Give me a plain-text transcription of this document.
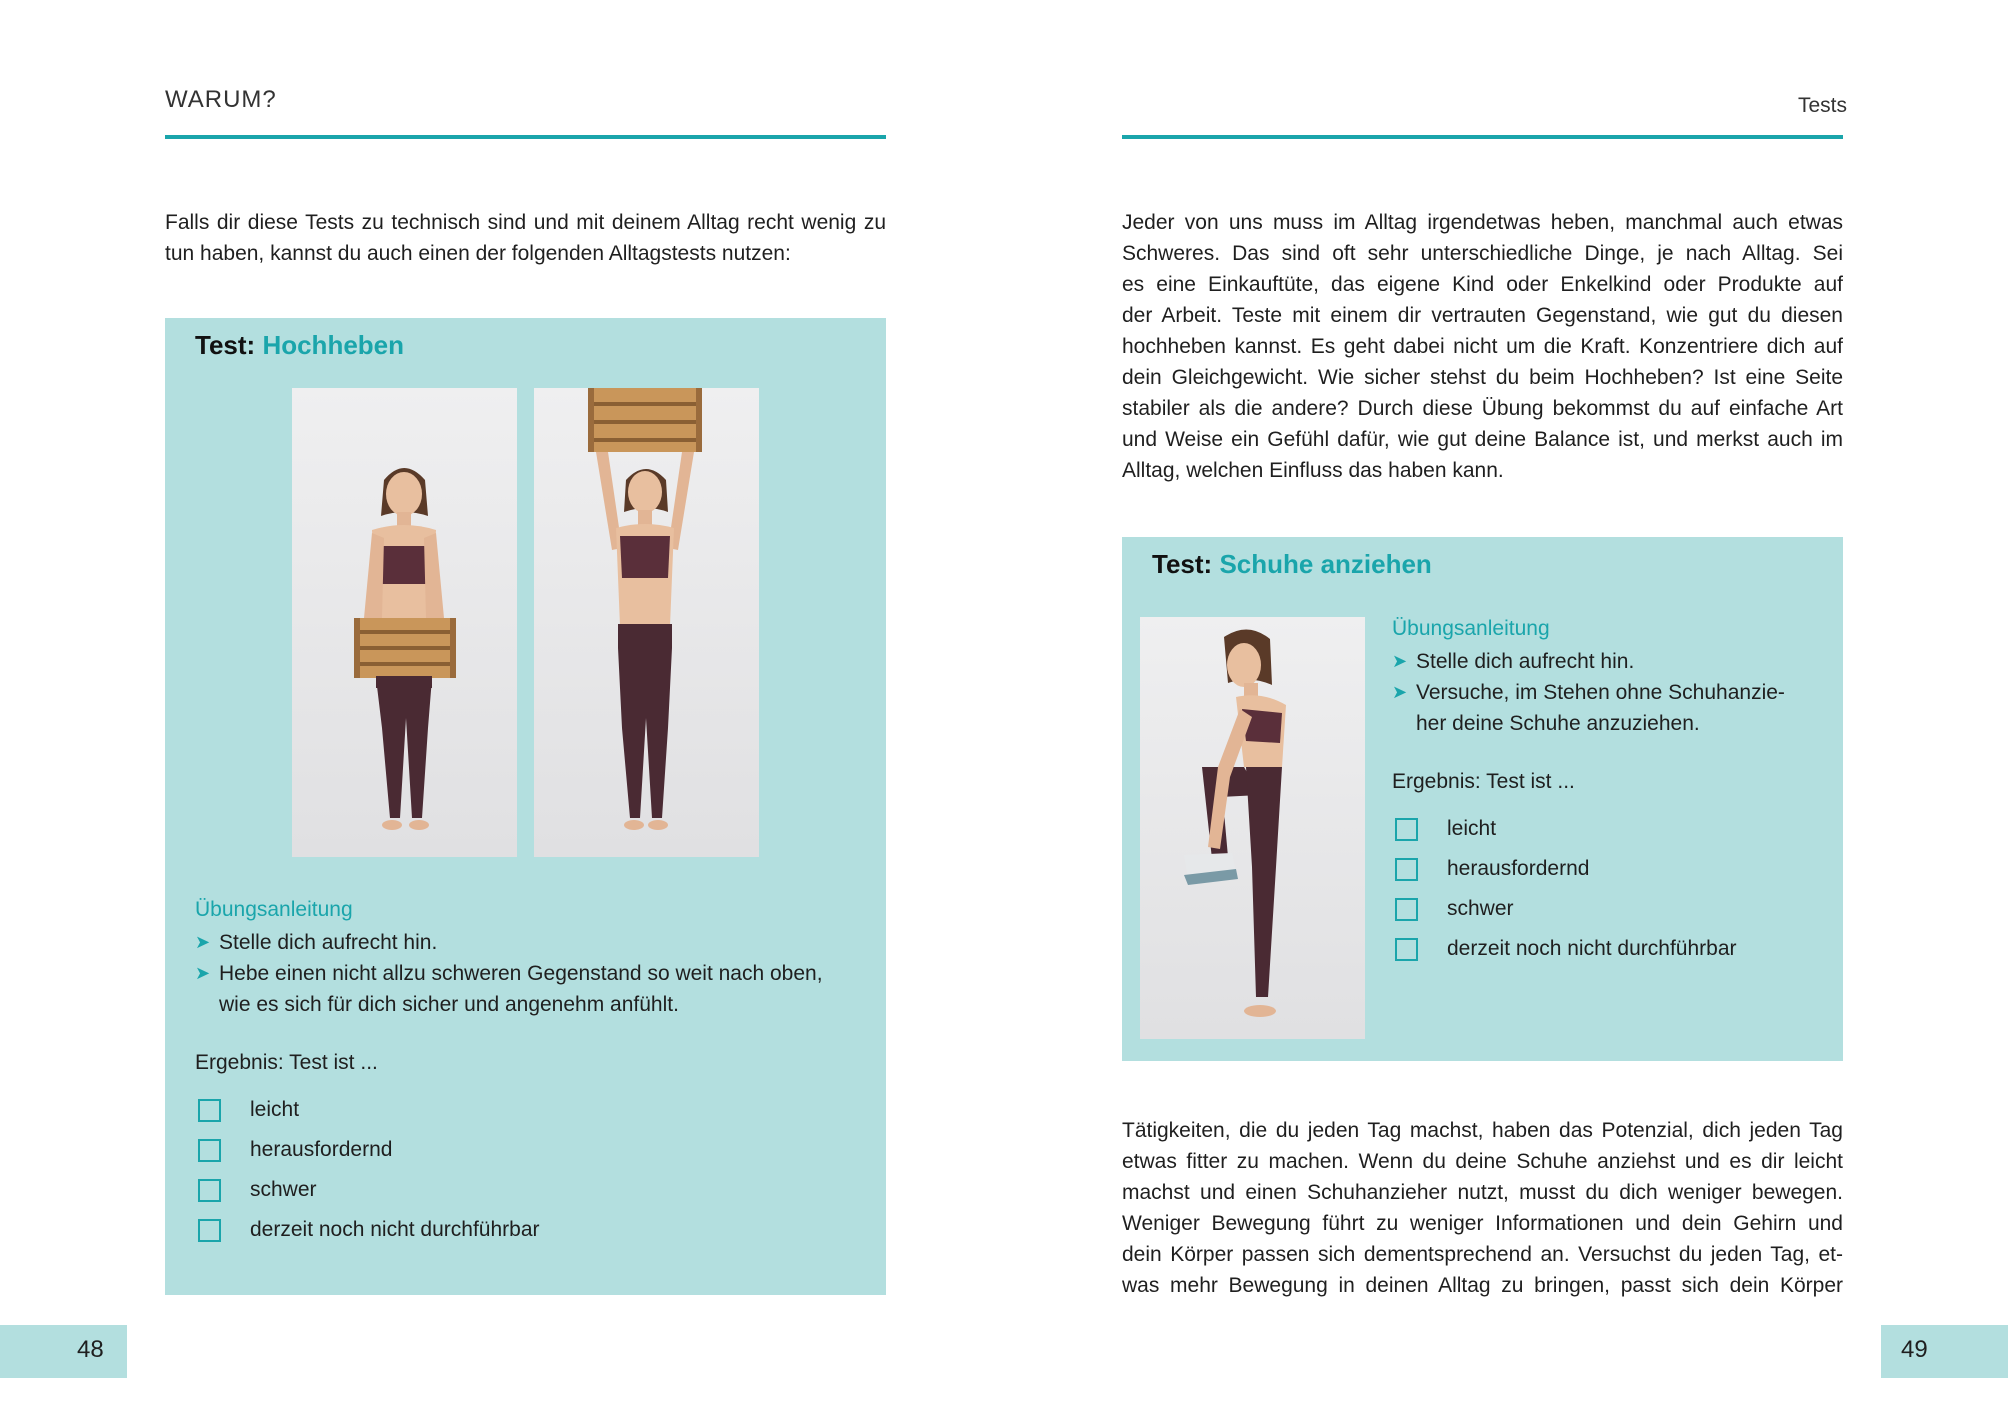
WARUM?
Falls dir diese Tests zu technisch sind und mit deinem Alltag recht wenig zu
tun haben, kannst du auch einen der folgenden Alltagstests nutzen:
Test: Hochheben
Übungsanleitung
➤ Stelle dich aufrecht hin.
➤ Hebe einen nicht allzu schweren Gegenstand so weit nach oben,
wie es sich für dich sicher und angenehm anfühlt.
Ergebnis: Test ist ...
leicht
herausfordernd
schwer
derzeit noch nicht durchführbar
48
Tests
Jeder von uns muss im Alltag irgendetwas heben, manchmal auch etwas
Schweres. Das sind oft sehr unterschiedliche Dinge, je nach Alltag. Sei
es eine Einkauftüte, das eigene Kind oder Enkelkind oder Produkte auf
der Arbeit. Teste mit einem dir vertrauten Gegenstand, wie gut du diesen
hochheben kannst. Es geht dabei nicht um die Kraft. Konzentriere dich auf
dein Gleichgewicht. Wie sicher stehst du beim Hochheben? Ist eine Seite
stabiler als die andere? Durch diese Übung bekommst du auf einfache Art
und Weise ein Gefühl dafür, wie gut deine Balance ist, und merkst auch im
Alltag, welchen Einfluss das haben kann.
Test: Schuhe anziehen
Übungsanleitung
➤ Stelle dich aufrecht hin.
➤ Versuche, im Stehen ohne Schuhanzie-
her deine Schuhe anzuziehen.
Ergebnis: Test ist ...
leicht
herausfordernd
schwer
derzeit noch nicht durchführbar
Tätigkeiten, die du jeden Tag machst, haben das Potenzial, dich jeden Tag
etwas fitter zu machen. Wenn du deine Schuhe anziehst und es dir leicht
machst und einen Schuhanzieher nutzt, musst du dich weniger bewegen.
Weniger Bewegung führt zu weniger Informationen und dein Gehirn und
dein Körper passen sich dementsprechend an. Versuchst du jeden Tag, et-
was mehr Bewegung in deinen Alltag zu bringen, passt sich dein Körper
49
